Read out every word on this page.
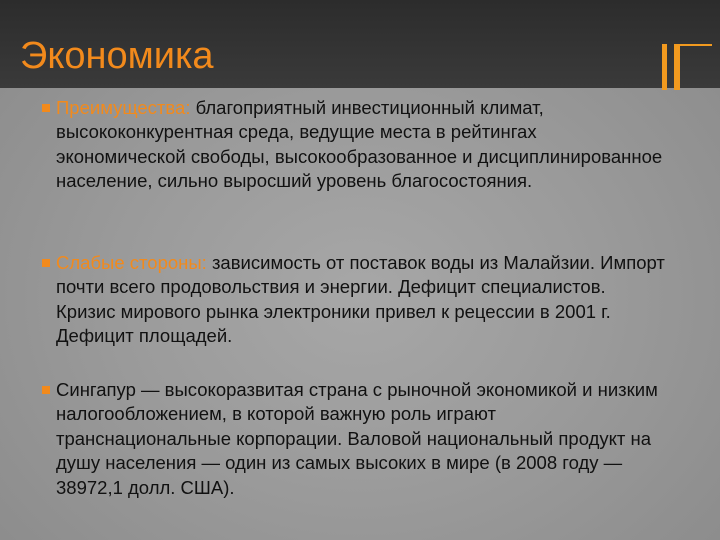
Экономика

Преимущества: благоприятный инвестиционный климат, высококонкурентная среда, ведущие места в рейтингах экономической свободы, высокообразованное и дисциплинированное население, сильно выросший уровень благосостояния.

Слабые стороны: зависимость от поставок воды из Малайзии. Импорт почти всего продовольствия и энергии. Дефицит специалистов. Кризис мирового рынка электроники привел к рецессии в 2001 г. Дефицит площадей.

Сингапур — высокоразвитая страна с рыночной экономикой и низким налогообложением, в которой важную роль играют транснациональные корпорации. Валовой национальный продукт на душу населения — один из самых высоких в мире (в 2008 году — 38972,1 долл. США).
